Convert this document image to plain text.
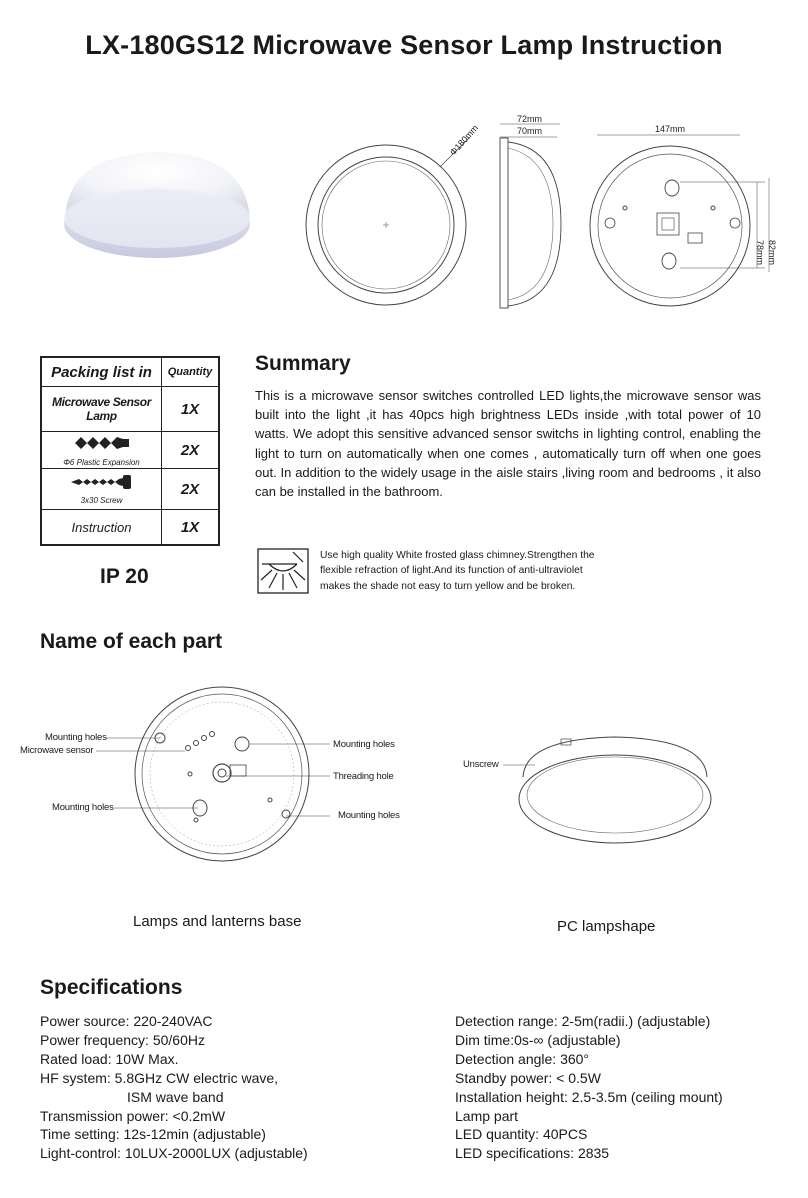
LX-180GS12 Microwave Sensor Lamp Instruction
Φ180mm
72mm
70mm	147mm
78mm 82mm
Packing list in	Quantity
Microwave Sensor Lamp	1X

Φ6 Plastic Expansion	2X

3x30 Screw	2X
Instruction	1X
IP 20
Summary

This is a microwave sensor switches controlled LED lights,the microwave sensor was built into the light ,it has 40pcs high brightness LEDs inside ,with total power of 10 watts. We adopt this sensitive advanced sensor switchs in lighting control, enabling the light to turn on automatically when one comes , automatically turn off when one goes out. In addition to the widely usage in the aisle stairs ,living room and bedrooms , it also can be installed in the bathroom.

Use high quality White frosted glass chimney.Strengthen the
flexible refraction of light.And its function of anti-ultraviolet
makes the shade not easy to turn yellow and be broken.
Name of each part
Mounting holes
Microwave sensor
Mounting holes
Mounting holes
Threading hole
Mounting holes
Unscrew
Lamps and lanterns base	PC lampshape
Specifications
Power source: 220-240VAC
Power frequency: 50/60Hz
Rated load: 10W Max.
HF system: 5.8GHz CW electric wave,
ISM wave band
Transmission power: <0.2mW
Time setting: 12s-12min (adjustable)
Light-control: 10LUX-2000LUX (adjustable)
Detection range: 2-5m(radii.) (adjustable)
Dim time:0s-∞ (adjustable)
Detection angle: 360°
Standby power: < 0.5W
Installation height: 2.5-3.5m (ceiling mount)
Lamp part
LED quantity: 40PCS
LED specifications: 2835
